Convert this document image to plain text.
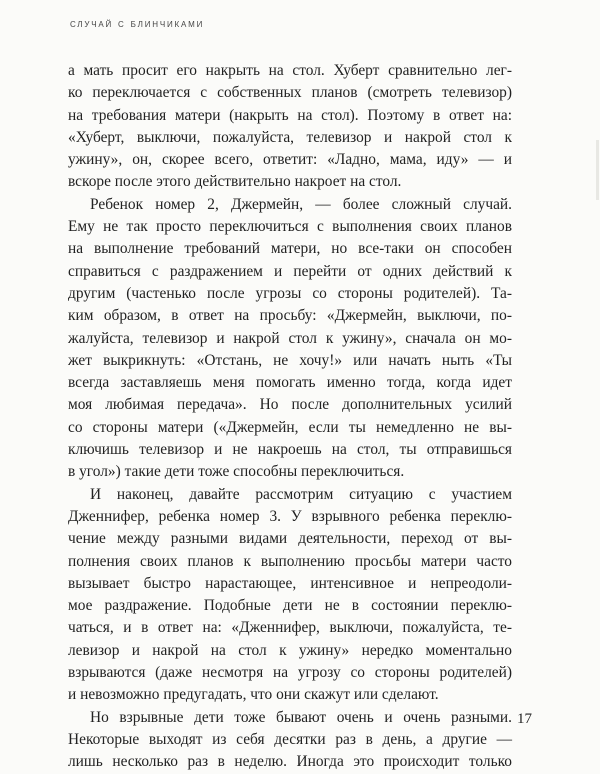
случай с блинчиками
а мать просит его накрыть на стол. Хуберт сравнительно лег-
ко переключается с собственных планов (смотреть телевизор)
на требования матери (накрыть на стол). Поэтому в ответ на:
«Хуберт, выключи, пожалуйста, телевизор и накрой стол к
ужину», он, скорее всего, ответит: «Ладно, мама, иду» — и
вскоре после этого действительно накроет на стол.
Ребенок номер 2, Джермейн, — более сложный случай.
Ему не так просто переключиться с выполнения своих планов
на выполнение требований матери, но все-таки он способен
справиться с раздражением и перейти от одних действий к
другим (частенько после угрозы со стороны родителей). Та-
ким образом, в ответ на просьбу: «Джермейн, выключи, по-
жалуйста, телевизор и накрой стол к ужину», сначала он мо-
жет выкрикнуть: «Отстань, не хочу!» или начать ныть «Ты
всегда заставляешь меня помогать именно тогда, когда идет
моя любимая передача». Но после дополнительных усилий
со стороны матери («Джермейн, если ты немедленно не вы-
ключишь телевизор и не накроешь на стол, ты отправишься
в угол») такие дети тоже способны переключиться.
И наконец, давайте рассмотрим ситуацию с участием
Дженнифер, ребенка номер 3. У взрывного ребенка переклю-
чение между разными видами деятельности, переход от вы-
полнения своих планов к выполнению просьбы матери часто
вызывает быстро нарастающее, интенсивное и непреодоли-
мое раздражение. Подобные дети не в состоянии переклю-
чаться, и в ответ на: «Дженнифер, выключи, пожалуйста, те-
левизор и накрой на стол к ужину» нередко моментально
взрываются (даже несмотря на угрозу со стороны родителей)
и невозможно предугадать, что они скажут или сделают.
Но взрывные дети тоже бывают очень и очень разными.
Некоторые выходят из себя десятки раз в день, а другие —
лишь несколько раз в неделю. Иногда это происходит только
17
